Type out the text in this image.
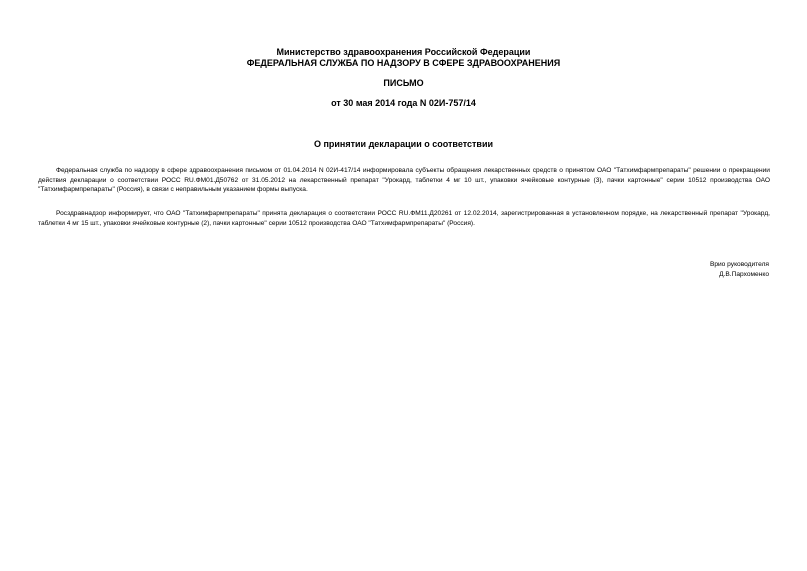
Министерство здравоохранения Российской Федерации
ФЕДЕРАЛЬНАЯ СЛУЖБА ПО НАДЗОРУ В СФЕРЕ ЗДРАВООХРАНЕНИЯ
ПИСЬМО
от 30 мая 2014 года N 02И-757/14
О принятии декларации о соответствии
Федеральная служба по надзору в сфере здравоохранения письмом от 01.04.2014 N 02И-417/14 информировала субъекты обращения лекарственных средств о принятом ОАО "Татхимфармпрепараты" решении о прекращении действия декларации о соответствии РОСС RU.ФМ01.Д50762 от 31.05.2012 на лекарственный препарат "Урокард, таблетки 4 мг 10 шт., упаковки ячейковые контурные (3), пачки картонные" серии 10512 производства ОАО "Татхимфармпрепараты" (Россия), в связи с неправильным указанием формы выпуска.
Росздравнадзор информирует, что ОАО "Татхимфармпрепараты" принята декларация о соответствии РОСС RU.ФМ11.Д20261 от 12.02.2014, зарегистрированная в установленном порядке, на лекарственный препарат "Урокард, таблетки 4 мг 15 шт., упаковки ячейковые контурные (2), пачки картонные" серии 10512 производства ОАО "Татхимфармпрепараты" (Россия).
Врио руководителя
Д.В.Пархоменко
